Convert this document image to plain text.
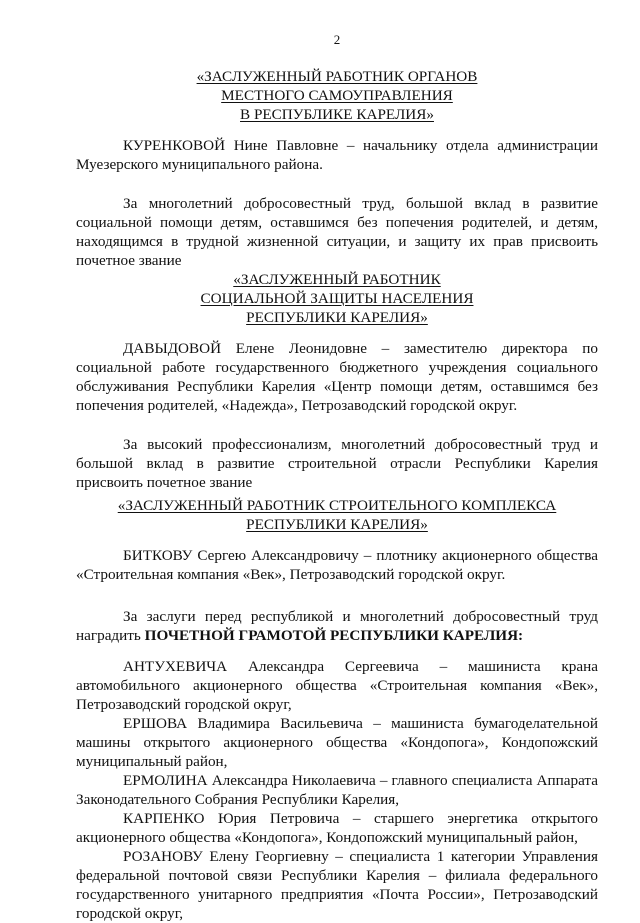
2
«ЗАСЛУЖЕННЫЙ РАБОТНИК ОРГАНОВ
МЕСТНОГО САМОУПРАВЛЕНИЯ
В РЕСПУБЛИКЕ КАРЕЛИЯ»

КУРЕНКОВОЙ Нине Павловне – начальнику отдела администрации Муезерского муниципального района.

За многолетний добросовестный труд, большой вклад в развитие социальной помощи детям, оставшимся без попечения родителей, и детям, находящимся в трудной жизненной ситуации, и защиту их прав присвоить почетное звание

«ЗАСЛУЖЕННЫЙ РАБОТНИК
СОЦИАЛЬНОЙ ЗАЩИТЫ НАСЕЛЕНИЯ
РЕСПУБЛИКИ КАРЕЛИЯ»

ДАВЫДОВОЙ Елене Леонидовне – заместителю директора по социальной работе государственного бюджетного учреждения социального обслуживания Республики Карелия «Центр помощи детям, оставшимся без попечения родителей, «Надежда», Петрозаводский городской округ.

За высокий профессионализм, многолетний добросовестный труд и большой вклад в развитие строительной отрасли Республики Карелия присвоить почетное звание

«ЗАСЛУЖЕННЫЙ РАБОТНИК СТРОИТЕЛЬНОГО КОМПЛЕКСА
РЕСПУБЛИКИ КАРЕЛИЯ»

БИТКОВУ Сергею Александровичу – плотнику акционерного общества «Строительная компания «Век», Петрозаводский городской округ.

За заслуги перед республикой и многолетний добросовестный труд наградить ПОЧЕТНОЙ ГРАМОТОЙ РЕСПУБЛИКИ КАРЕЛИЯ:

АНТУХЕВИЧА Александра Сергеевича – машиниста крана автомобильного акционерного общества «Строительная компания «Век», Петрозаводский городской округ,

ЕРШОВА Владимира Васильевича – машиниста бумагоделательной машины открытого акционерного общества «Кондопога», Кондопожский муниципальный район,

ЕРМОЛИНА Александра Николаевича – главного специалиста Аппарата Законодательного Собрания Республики Карелия,

КАРПЕНКО Юрия Петровича – старшего энергетика открытого акционерного общества «Кондопога», Кондопожский муниципальный район,

РОЗАНОВУ Елену Георгиевну – специалиста 1 категории Управления федеральной почтовой связи Республики Карелия – филиала федерального государственного унитарного предприятия «Почта России», Петрозаводский городской округ,
